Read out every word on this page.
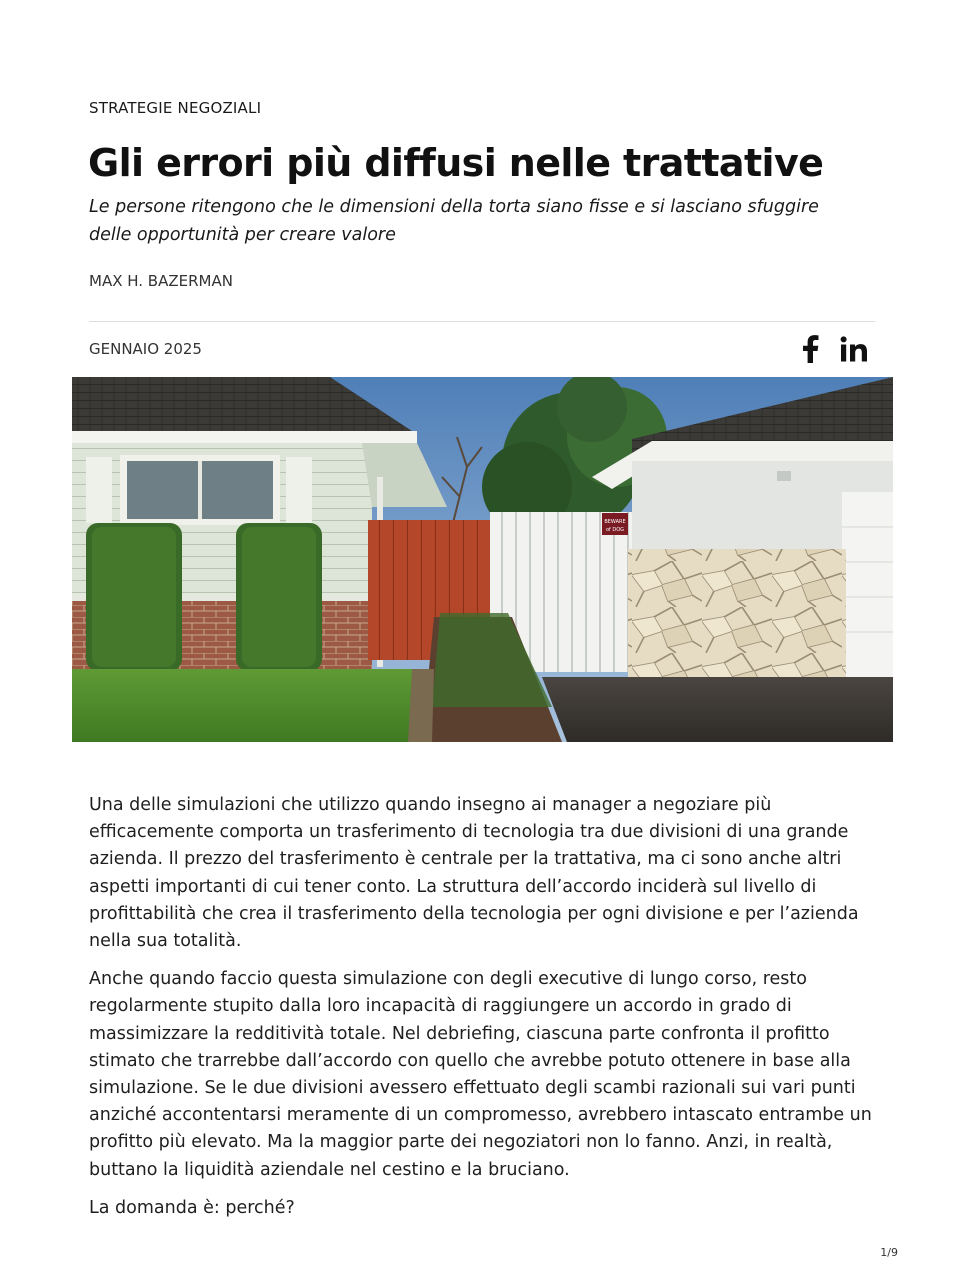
STRATEGIE NEGOZIALI
Gli errori più diffusi nelle trattative

Le persone ritengono che le dimensioni della torta siano fisse e si lasciano sfuggire delle opportunità per creare valore

MAX H. BAZERMAN
GENNAIO 2025
BEWARE
of DOG

Una delle simulazioni che utilizzo quando insegno ai manager a negoziare più efficacemente comporta un trasferimento di tecnologia tra due divisioni di una grande azienda. Il prezzo del trasferimento è centrale per la trattativa, ma ci sono anche altri aspetti importanti di cui tener conto. La struttura dell’accordo inciderà sul livello di profittabilità che crea il trasferimento della tecnologia per ogni divisione e per l’azienda nella sua totalità.

Anche quando faccio questa simulazione con degli executive di lungo corso, resto regolarmente stupito dalla loro incapacità di raggiungere un accordo in grado di massimizzare la redditività totale. Nel debriefing, ciascuna parte confronta il profitto stimato che trarrebbe dall’accordo con quello che avrebbe potuto ottenere in base alla simulazione. Se le due divisioni avessero effettuato degli scambi razionali sui vari punti anziché accontentarsi meramente di un compromesso, avrebbero intascato entrambe un profitto più elevato. Ma la maggior parte dei negoziatori non lo fanno. Anzi, in realtà, buttano la liquidità aziendale nel cestino e la bruciano.

La domanda è: perché?

1/9
